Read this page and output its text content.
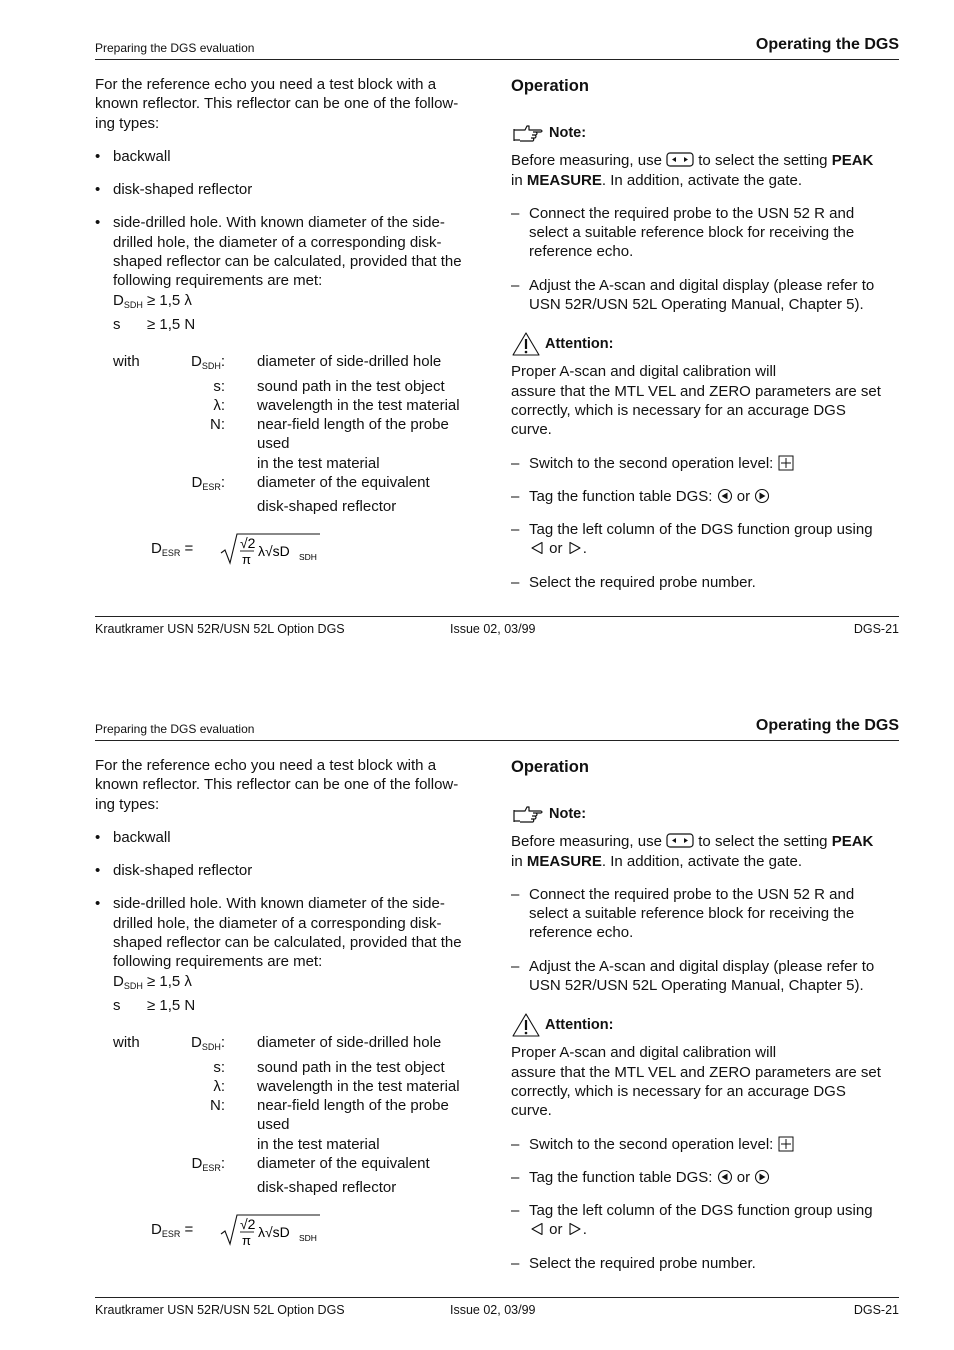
Preparing the DGS evaluation	Operating the DGS

For the reference echo you need a test block with a

known reflector. This reflector can be one of the follow-

ing types:

• backwall
• disk-shaped reflector
• side-drilled hole. With known diameter of the side-

drilled hole, the diameter of a corresponding disk-

shaped reflector can be calculated, provided that the

following requirements are met:

$D_{SDH} \ge 1,5$ λ
s	≥ 1,5 N
with	$D_{SDH}$:	diameter of side-drilled hole
s:	sound path in the test object
λ:	wavelength in the test material
N:	near-field length of the probe used
in the test material
$D_{ESR}$:	diameter of the equivalent
disk-shaped reflector
$D_{ESR}$ =	√2
π
λ√sD SDH

Operation

Note:

Before measuring, use to select the setting PEAK

in MEASURE. In addition, activate the gate.

– Connect the required probe to the USN 52 R and

select a suitable reference block for receiving the

reference echo.

– Adjust the A-scan and digital display (please refer to

USN 52R/USN 52L Operating Manual, Chapter 5).

Attention:

Proper A-scan and digital calibration will

assure that the MTL VEL and ZERO parameters are set

correctly, which is necessary for an accurage DGS

curve.

– Switch to the second operation level:
– Tag the function table DGS: or
– Tag the left column of the DGS function group using

or .

– Select the required probe number.
Krautkramer USN 52R/USN 52L Option DGS	Issue 02, 03/99	DGS-21
Preparing the DGS evaluation	Operating the DGS

For the reference echo you need a test block with a

known reflector. This reflector can be one of the follow-

ing types:

• backwall
• disk-shaped reflector
• side-drilled hole. With known diameter of the side-

drilled hole, the diameter of a corresponding disk-

shaped reflector can be calculated, provided that the

following requirements are met:

$D_{SDH} \ge 1,5$ λ
s	≥ 1,5 N
with	$D_{SDH}$:	diameter of side-drilled hole
s:	sound path in the test object
λ:	wavelength in the test material
N:	near-field length of the probe used
in the test material
$D_{ESR}$:	diameter of the equivalent
disk-shaped reflector
$D_{ESR}$ =	√2
π
λ√sD SDH

Operation

Note:

Before measuring, use to select the setting PEAK

in MEASURE. In addition, activate the gate.

– Connect the required probe to the USN 52 R and

select a suitable reference block for receiving the

reference echo.

– Adjust the A-scan and digital display (please refer to

USN 52R/USN 52L Operating Manual, Chapter 5).

Attention:

Proper A-scan and digital calibration will

assure that the MTL VEL and ZERO parameters are set

correctly, which is necessary for an accurage DGS

curve.

– Switch to the second operation level:
– Tag the function table DGS: or
– Tag the left column of the DGS function group using

or .

– Select the required probe number.
Krautkramer USN 52R/USN 52L Option DGS	Issue 02, 03/99	DGS-21
